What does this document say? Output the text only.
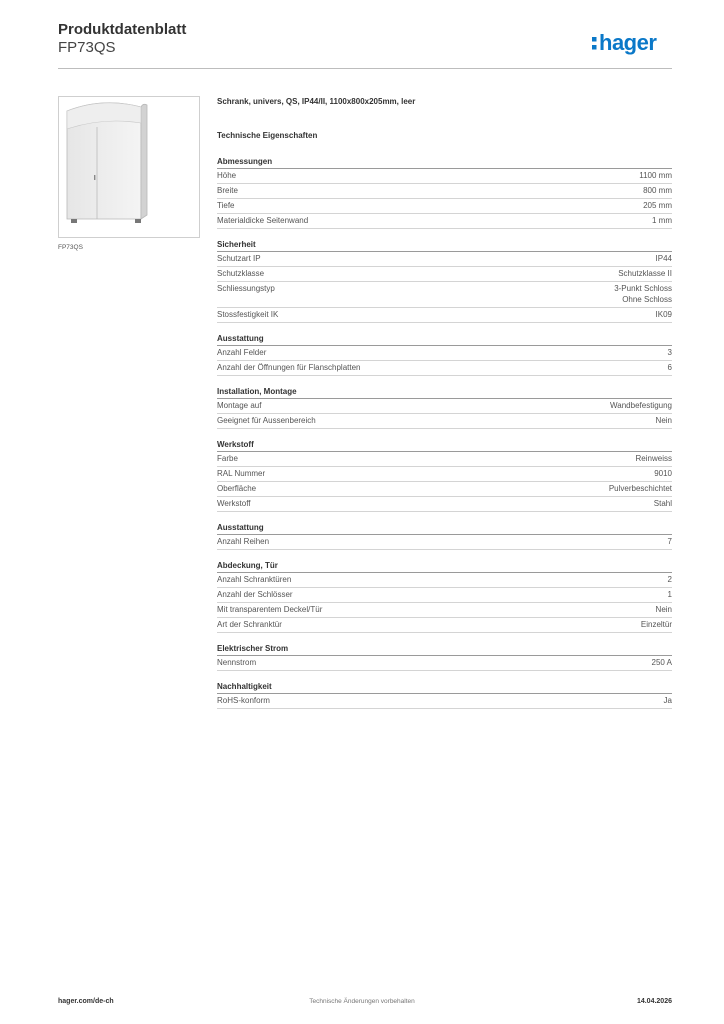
Produktdatenblatt
FP73QS	hager
FP73QS
Schrank, univers, QS, IP44/II, 1100x800x205mm, leer
Technische Eigenschaften
Abmessungen
Höhe	1100 mm
Breite	800 mm
Tiefe	205 mm
Materialdicke Seitenwand	1 mm
Sicherheit
Schutzart IP	IP44
Schutzklasse	Schutzklasse II
Schliessungstyp	3-Punkt Schloss
Ohne Schloss
Stossfestigkeit IK	IK09
Ausstattung
Anzahl Felder	3
Anzahl der Öffnungen für Flanschplatten	6
Installation, Montage
Montage auf	Wandbefestigung
Geeignet für Aussenbereich	Nein
Werkstoff
Farbe	Reinweiss
RAL Nummer	9010
Oberfläche	Pulverbeschichtet
Werkstoff	Stahl
Ausstattung
Anzahl Reihen	7
Abdeckung, Tür
Anzahl Schranktüren	2
Anzahl der Schlösser	1
Mit transparentem Deckel/Tür	Nein
Art der Schranktür	Einzeltür
Elektrischer Strom
Nennstrom	250 A
Nachhaltigkeit
RoHS-konform	Ja
hager.com/de-ch	Technische Änderungen vorbehalten	14.04.2026
